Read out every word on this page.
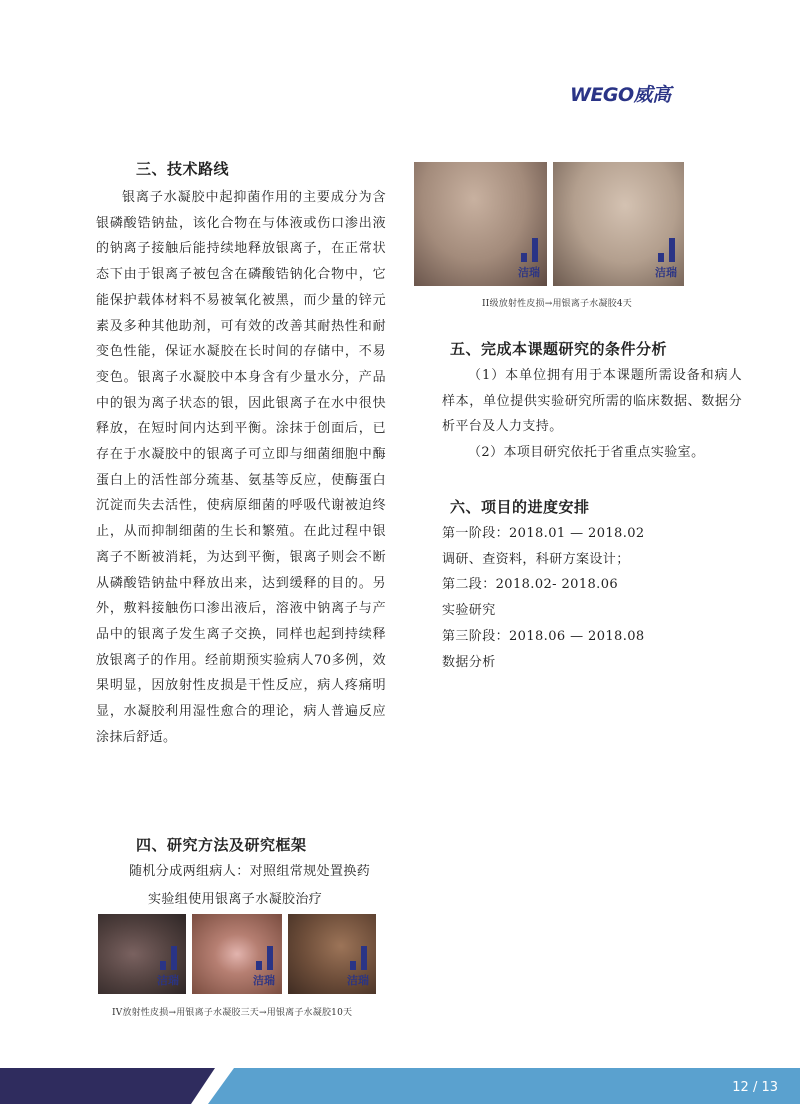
WEGO威高
三、技术路线

银离子水凝胶中起抑菌作用的主要成分为含银磷酸锆钠盐，该化合物在与体液或伤口渗出液的钠离子接触后能持续地释放银离子，在正常状态下由于银离子被包含在磷酸锆钠化合物中，它能保护载体材料不易被氧化被黑，而少量的锌元素及多种其他助剂，可有效的改善其耐热性和耐变色性能，保证水凝胶在长时间的存储中，不易变色。银离子水凝胶中本身含有少量水分，产品中的银为离子状态的银，因此银离子在水中很快释放，在短时间内达到平衡。涂抹于创面后，已存在于水凝胶中的银离子可立即与细菌细胞中酶蛋白上的活性部分巯基、氨基等反应，使酶蛋白沉淀而失去活性，使病原细菌的呼吸代谢被迫终止，从而抑制细菌的生长和繁殖。在此过程中银离子不断被消耗，为达到平衡，银离子则会不断从磷酸锆钠盐中释放出来，达到缓释的目的。另外，敷料接触伤口渗出液后，溶液中钠离子与产品中的银离子发生离子交换，同样也起到持续释放银离子的作用。经前期预实验病人70多例，效果明显，因放射性皮损是干性反应，病人疼痛明显，水凝胶利用湿性愈合的理论，病人普遍反应涂抹后舒适。

四、研究方法及研究框架
随机分成两组病人：对照组常规处置换药
实验组使用银离子水凝胶治疗
洁瑞	洁瑞	洁瑞
IV放射性皮损→用银离子水凝胶三天→用银离子水凝胶10天
洁瑞	洁瑞
II级放射性皮损→用银离子水凝胶4天
五、完成本课题研究的条件分析

（1）本单位拥有用于本课题所需设备和病人样本，单位提供实验研究所需的临床数据、数据分析平台及人力支持。

（2）本项目研究依托于省重点实验室。

六、项目的进度安排
第一阶段：2018.01 — 2018.02
调研、查资料，科研方案设计；
第二段：2018.02- 2018.06
实验研究
第三阶段：2018.06 — 2018.08
数据分析
12 / 13
